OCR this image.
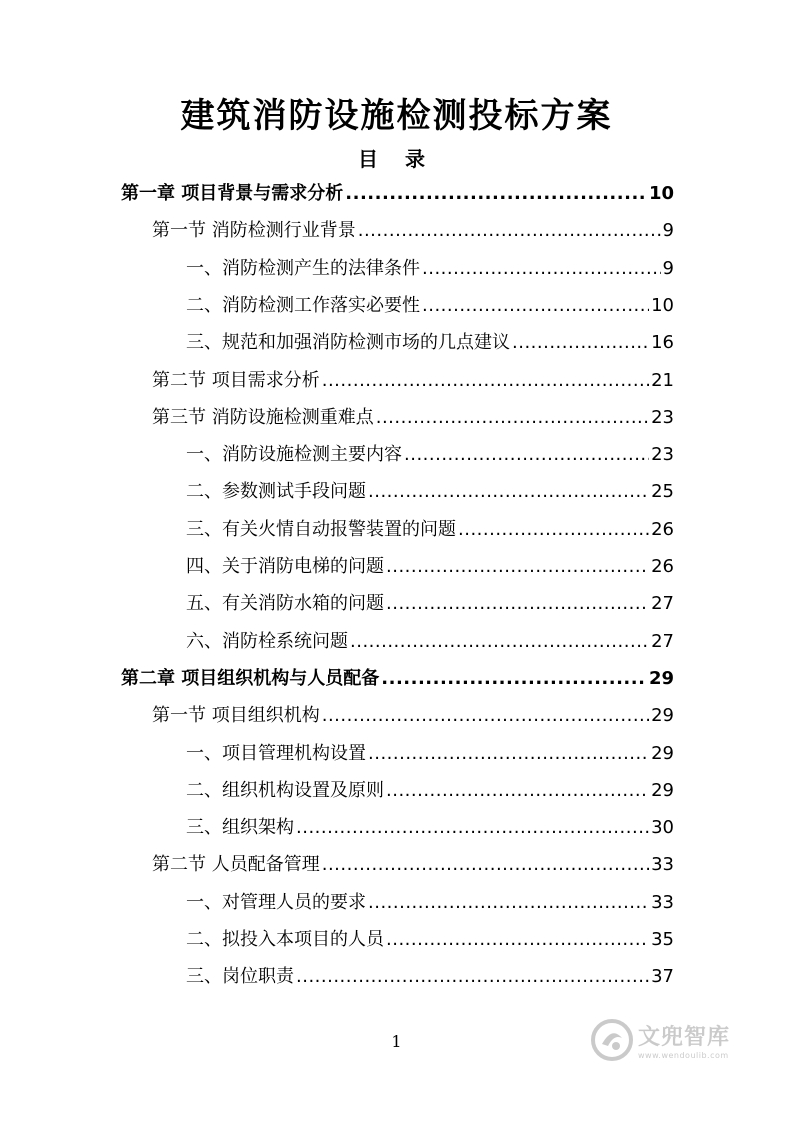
建筑消防设施检测投标方案
目 录
第一章 项目背景与需求分析 .....	10
第一节 消防检测行业背景 .....	9
一、消防检测产生的法律条件 .....	9
二、消防检测工作落实必要性 .....	10
三、规范和加强消防检测市场的几点建议 .....	16
第二节 项目需求分析 .....	21
第三节 消防设施检测重难点 .....	23
一、消防设施检测主要内容 .....	23
二、参数测试手段问题 .....	25
三、有关火情自动报警装置的问题 .....	26
四、关于消防电梯的问题 .....	26
五、有关消防水箱的问题 .....	27
六、消防栓系统问题 .....	27
第二章 项目组织机构与人员配备 .....	29
第一节 项目组织机构 .....	29
一、项目管理机构设置 .....	29
二、组织机构设置及原则 .....	29
三、组织架构 .....	30
第二节 人员配备管理 .....	33
一、对管理人员的要求 .....	33
二、拟投入本项目的人员 .....	35
三、岗位职责 .....	37
1	文兜智库
www.wendoulib.com
